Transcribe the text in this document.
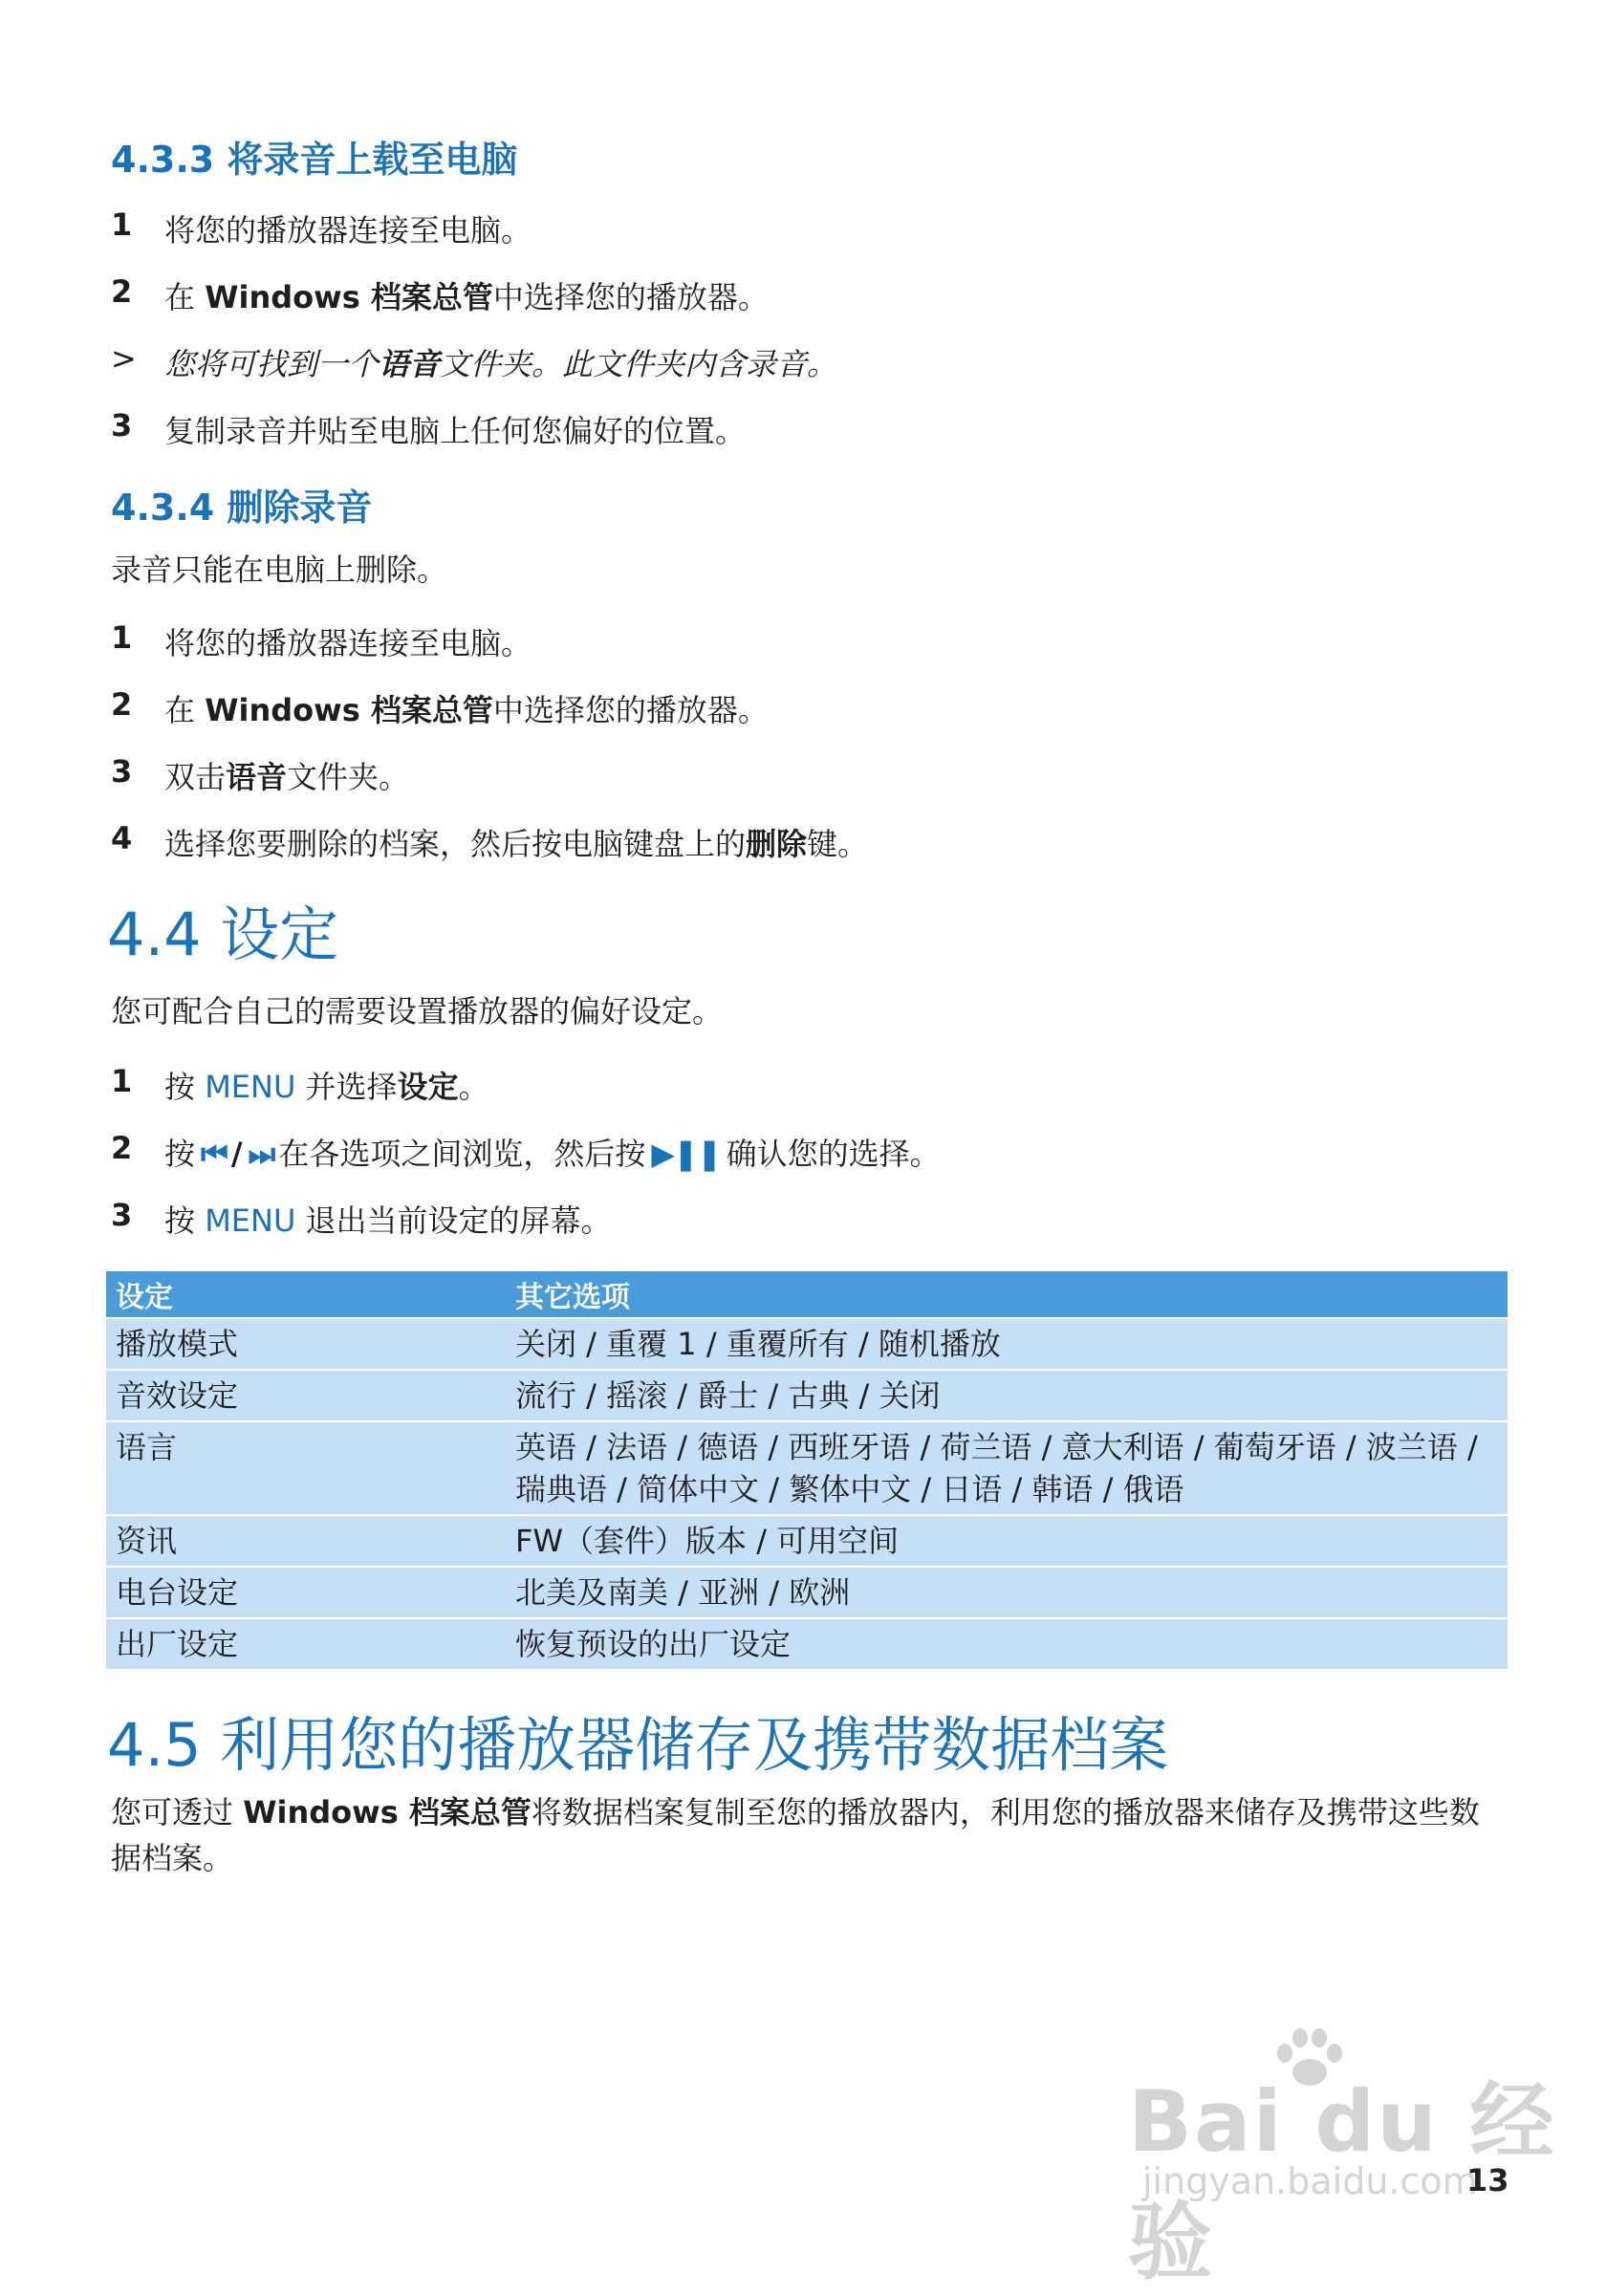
4.3.3 将录音上载至电脑
1 将您的播放器连接至电脑。
2 在 Windows 档案总管中选择您的播放器。
> 您将可找到一个语音文件夹。此文件夹内含录音。
3 复制录音并贴至电脑上任何您偏好的位置。
4.3.4 删除录音
录音只能在电脑上删除。
1 将您的播放器连接至电脑。
2 在 Windows 档案总管中选择您的播放器。
3 双击语音文件夹。
4 选择您要删除的档案，然后按电脑键盘上的删除键。
4.4 设定
您可配合自己的需要设置播放器的偏好设定。
1 按 MENU 并选择设定。
2 按 ⏮ / ⏭ 在各选项之间浏览，然后按 ▶❚❚ 确认您的选择。
3 按 MENU 退出当前设定的屏幕。
设定	其它选项
播放模式	关闭 / 重覆 1 / 重覆所有 / 随机播放
音效设定	流行 / 摇滚 / 爵士 / 古典 / 关闭
语言	英语 / 法语 / 德语 / 西班牙语 / 荷兰语 / 意大利语 / 葡萄牙语 / 波兰语 / 瑞典语 / 简体中文 / 繁体中文 / 日语 / 韩语 / 俄语
资讯	FW（套件）版本 / 可用空间
电台设定	北美及南美 / 亚洲 / 欧洲
出厂设定	恢复预设的出厂设定
4.5 利用您的播放器储存及携带数据档案
您可透过 Windows 档案总管将数据档案复制至您的播放器内，利用您的播放器来储存及携带这些数据档案。
Bai du 经验
jingyan.baidu.com
13
